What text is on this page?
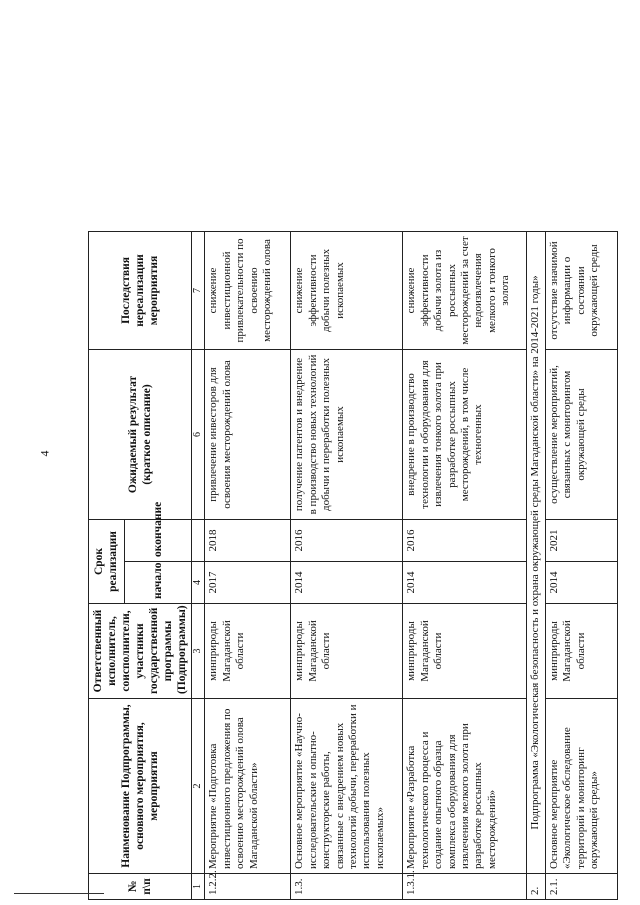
4
№ п\п	Наименование Подпрограммы, основного мероприятия, мероприятия	Ответственный исполнитель, соисполнители, участники государственной программы (Подпрограммы)	Срок реализации		Ожидаемый результат (краткое описание)	Последствия нереализации мероприятия	
			начало	окончание			
1	2	3	4		6	7	
1.2.2.	Мероприятие «Подготовка инвестиционного предложения по освоению месторождений олова Магаданской области»	минприроды Магаданской области	2017	2018	привлечение инвесторов для освоения месторождений олова	снижение инвестиционной привлекательности по освоению месторождений олова	
1.3.	Основное мероприятие «Научно-исследовательские и опытно-конструкторские работы, связанные с внедрением новых технологий добычи, переработки и использования полезных ископаемых»	минприроды Магаданской области	2014	2016	получение патентов и внедрение в производство новых технологий добычи и переработки полезных ископаемых	снижение эффективности добычи полезных ископаемых	
1.3.1.	Мероприятие «Разработка технологического процесса и создание опытного образца комплекса оборудования для извлечения мелкого золота при разработке россыпных месторождений»	минприроды Магаданской области	2014	2016	внедрение в производство технологии и оборудования для извлечения тонкого золота при разработке россыпных месторождений, в том числе техногенных	снижение эффективности добычи золота из россыпных месторождений за счет недоизвлечения мелкого и тонкого золота	
2.	Подпрограмма «Экологическая безопасность и охрана окружающей среды Магаданской области» на 2014-2021 годы»						
2.1.	Основное мероприятие «Экологическое обследование территорий и мониторинг окружающей среды»	минприроды Магаданской области	2014	2021	осуществление мероприятий, связанных с мониторингом окружающей среды	отсутствие значимой информации о состоянии окружающей среды	
